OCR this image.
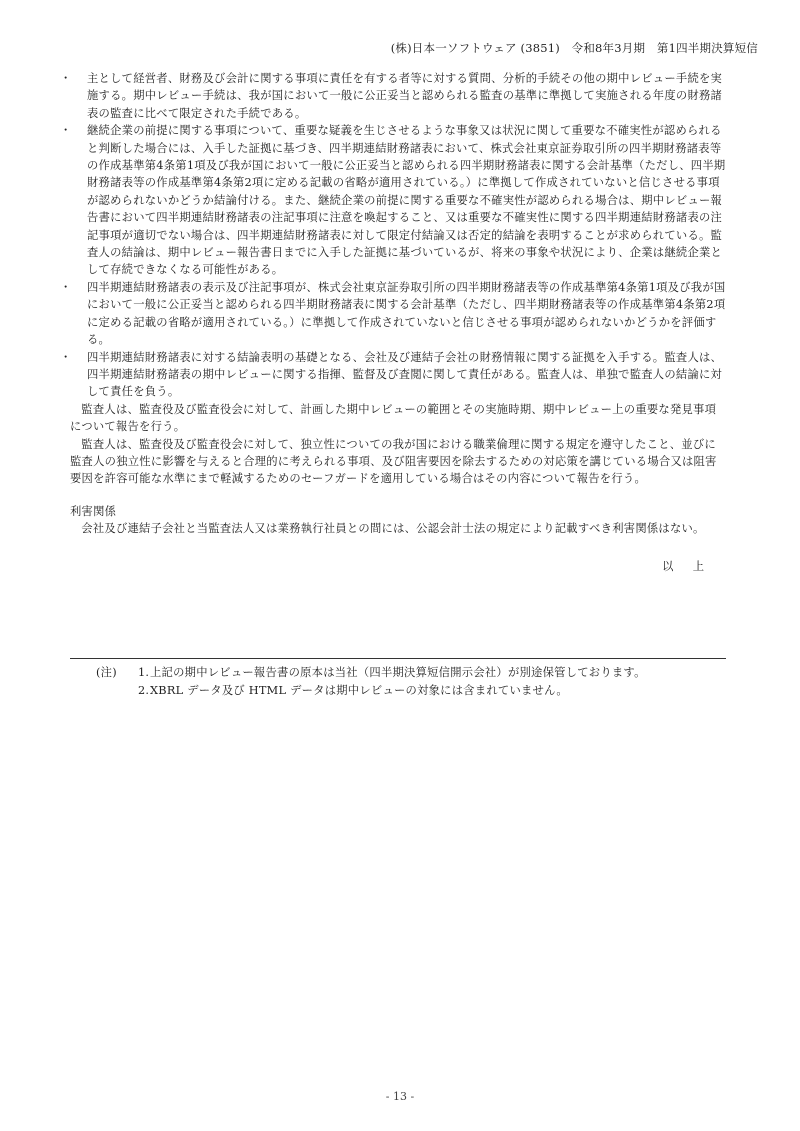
(株)日本一ソフトウェア (3851)　令和8年3月期　第1四半期決算短信

・ 主として経営者、財務及び会計に関する事項に責任を有する者等に対する質問、分析的手続その他の期中レビュー手続を実施する。期中レビュー手続は、我が国において一般に公正妥当と認められる監査の基準に準拠して実施される年度の財務諸表の監査に比べて限定された手続である。

・ 継続企業の前提に関する事項について、重要な疑義を生じさせるような事象又は状況に関して重要な不確実性が認められると判断した場合には、入手した証拠に基づき、四半期連結財務諸表において、株式会社東京証券取引所の四半期財務諸表等の作成基準第4条第1項及び我が国において一般に公正妥当と認められる四半期財務諸表に関する会計基準（ただし、四半期財務諸表等の作成基準第4条第2項に定める記載の省略が適用されている。）に準拠して作成されていないと信じさせる事項が認められないかどうか結論付ける。また、継続企業の前提に関する重要な不確実性が認められる場合は、期中レビュー報告書において四半期連結財務諸表の注記事項に注意を喚起すること、又は重要な不確実性に関する四半期連結財務諸表の注記事項が適切でない場合は、四半期連結財務諸表に対して限定付結論又は否定的結論を表明することが求められている。監査人の結論は、期中レビュー報告書日までに入手した証拠に基づいているが、将来の事象や状況により、企業は継続企業として存続できなくなる可能性がある。

・ 四半期連結財務諸表の表示及び注記事項が、株式会社東京証券取引所の四半期財務諸表等の作成基準第4条第1項及び我が国において一般に公正妥当と認められる四半期財務諸表に関する会計基準（ただし、四半期財務諸表等の作成基準第4条第2項に定める記載の省略が適用されている。）に準拠して作成されていないと信じさせる事項が認められないかどうかを評価する。

・ 四半期連結財務諸表に対する結論表明の基礎となる、会社及び連結子会社の財務情報に関する証拠を入手する。監査人は、四半期連結財務諸表の期中レビューに関する指揮、監督及び査閲に関して責任がある。監査人は、単独で監査人の結論に対して責任を負う。

監査人は、監査役及び監査役会に対して、計画した期中レビューの範囲とその実施時期、期中レビュー上の重要な発見事項について報告を行う。

監査人は、監査役及び監査役会に対して、独立性についての我が国における職業倫理に関する規定を遵守したこと、並びに監査人の独立性に影響を与えると合理的に考えられる事項、及び阻害要因を除去するための対応策を講じている場合又は阻害要因を許容可能な水準にまで軽減するためのセーフガードを適用している場合はその内容について報告を行う。

利害関係

会社及び連結子会社と当監査法人又は業務執行社員との間には、公認会計士法の規定により記載すべき利害関係はない。

以　上
(注) 1.上記の期中レビュー報告書の原本は当社（四半期決算短信開示会社）が別途保管しております。
2.XBRL データ及び HTML データは期中レビューの対象には含まれていません。
- 13 -
